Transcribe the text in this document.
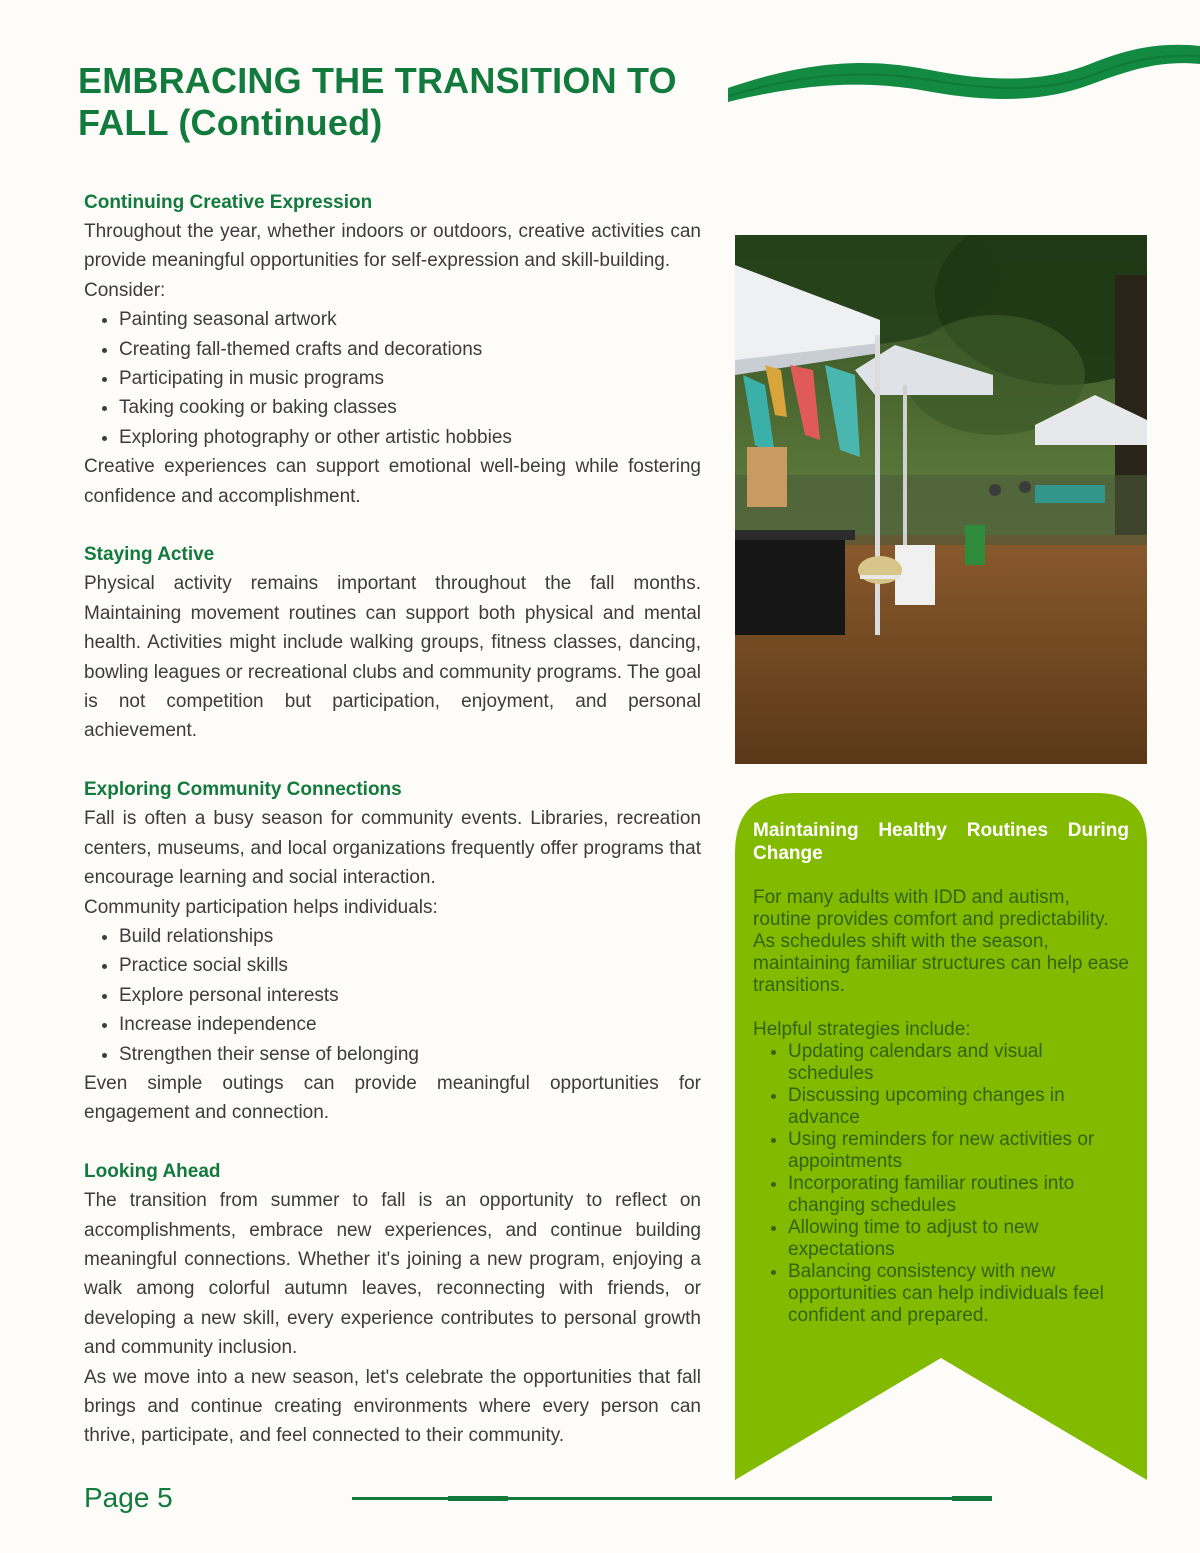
EMBRACING THE TRANSITION TO
FALL (Continued)
Continuing Creative Expression

Throughout the year, whether indoors or outdoors, creative activities can provide meaningful opportunities for self-expression and skill-building.

Consider:

• Painting seasonal artwork
• Creating fall-themed crafts and decorations
• Participating in music programs
• Taking cooking or baking classes
• Exploring photography or other artistic hobbies

Creative experiences can support emotional well-being while fostering confidence and accomplishment.

Staying Active

Physical activity remains important throughout the fall months. Maintaining movement routines can support both physical and mental health. Activities might include walking groups, fitness classes, dancing, bowling leagues or recreational clubs and community programs. The goal is not competition but participation, enjoyment, and personal achievement.

Exploring Community Connections

Fall is often a busy season for community events. Libraries, recreation centers, museums, and local organizations frequently offer programs that encourage learning and social interaction.

Community participation helps individuals:

• Build relationships
• Practice social skills
• Explore personal interests
• Increase independence
• Strengthen their sense of belonging

Even simple outings can provide meaningful opportunities for engagement and connection.

Looking Ahead

The transition from summer to fall is an opportunity to reflect on accomplishments, embrace new experiences, and continue building meaningful connections. Whether it's joining a new program, enjoying a walk among colorful autumn leaves, reconnecting with friends, or developing a new skill, every experience contributes to personal growth and community inclusion.

As we move into a new season, let's celebrate the opportunities that fall brings and continue creating environments where every person can thrive, participate, and feel connected to their community.

Maintaining Healthy Routines During Change

For many adults with IDD and autism, routine provides comfort and predictability. As schedules shift with the season, maintaining familiar structures can help ease transitions.

Helpful strategies include:

• Updating calendars and visual schedules
• Discussing upcoming changes in advance
• Using reminders for new activities or appointments
• Incorporating familiar routines into changing schedules
• Allowing time to adjust to new expectations
• Balancing consistency with new opportunities can help individuals feel confident and prepared.

Page 5
